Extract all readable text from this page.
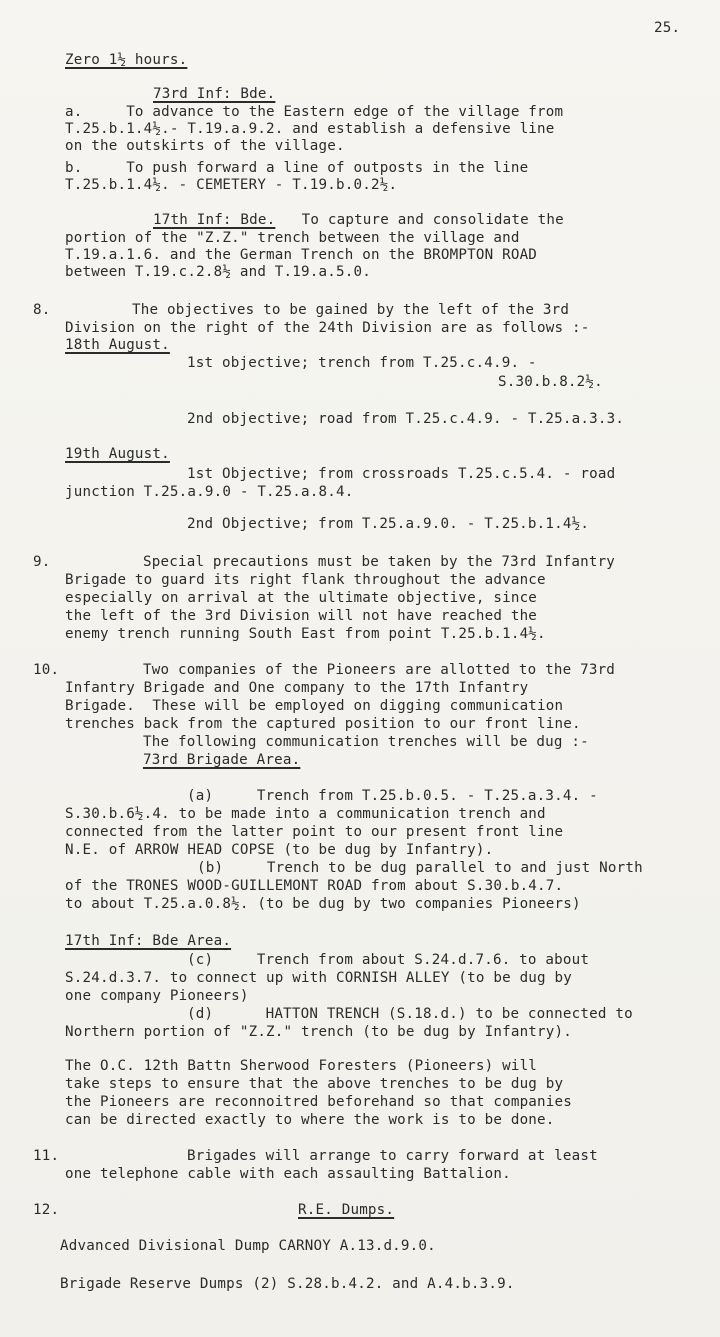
25.
Zero 1½ hours.
73rd Inf: Bde.
a.     To advance to the Eastern edge of the village from
T.25.b.1.4½.- T.19.a.9.2. and establish a defensive line
on the outskirts of the village.
b.     To push forward a line of outposts in the line
T.25.b.1.4½. - CEMETERY - T.19.b.0.2½.
17th Inf: Bde.   To capture and consolidate the
portion of the "Z.Z." trench between the village and
T.19.a.1.6. and the German Trench on the BROMPTON ROAD
between T.19.c.2.8½ and T.19.a.5.0.
8.	The objectives to be gained by the left of the 3rd
Division on the right of the 24th Division are as follows :-
18th August.
1st objective; trench from T.25.c.4.9. -
S.30.b.8.2½.
2nd objective; road from T.25.c.4.9. - T.25.a.3.3.
19th August.
1st Objective; from crossroads T.25.c.5.4. - road
junction T.25.a.9.0 - T.25.a.8.4.
2nd Objective; from T.25.a.9.0. - T.25.b.1.4½.
9.	Special precautions must be taken by the 73rd Infantry
Brigade to guard its right flank throughout the advance
especially on arrival at the ultimate objective, since
the left of the 3rd Division will not have reached the
enemy trench running South East from point T.25.b.1.4½.
10.	Two companies of the Pioneers are allotted to the 73rd
Infantry Brigade and One company to the 17th Infantry
Brigade.  These will be employed on digging communication
trenches back from the captured position to our front line.
The following communication trenches will be dug :-
73rd Brigade Area.
(a)     Trench from T.25.b.0.5. - T.25.a.3.4. -
S.30.b.6½.4. to be made into a communication trench and
connected from the latter point to our present front line
N.E. of ARROW HEAD COPSE (to be dug by Infantry).
(b)     Trench to be dug parallel to and just North
of the TRONES WOOD-GUILLEMONT ROAD from about S.30.b.4.7.
to about T.25.a.0.8½. (to be dug by two companies Pioneers)
17th Inf: Bde Area.
(c)     Trench from about S.24.d.7.6. to about
S.24.d.3.7. to connect up with CORNISH ALLEY (to be dug by
one company Pioneers)
(d)      HATTON TRENCH (S.18.d.) to be connected to
Northern portion of "Z.Z." trench (to be dug by Infantry).
The O.C. 12th Battn Sherwood Foresters (Pioneers) will
take steps to ensure that the above trenches to be dug by
the Pioneers are reconnoitred beforehand so that companies
can be directed exactly to where the work is to be done.
11.	Brigades will arrange to carry forward at least
one telephone cable with each assaulting Battalion.
12.	R.E. Dumps.
Advanced Divisional Dump CARNOY A.13.d.9.0.
Brigade Reserve Dumps (2) S.28.b.4.2. and A.4.b.3.9.
